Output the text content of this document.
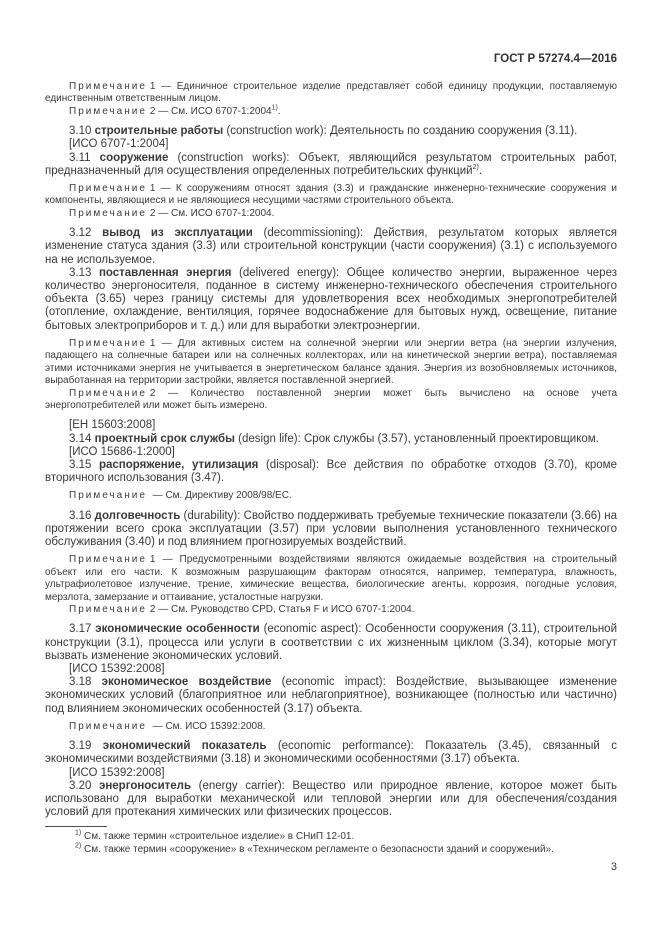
ГОСТ Р 57274.4—2016

Примечание 1 — Единичное строительное изделие представляет собой единицу продукции, поставляемую единственным ответственным лицом.

Примечание 2 — См. ИСО 6707-1:2004$^{1)}$.

3.10 строительные работы (construction work): Деятельность по созданию сооружения (3.11).

[ИСО 6707-1:2004]

3.11 сооружение (construction works): Объект, являющийся результатом строительных работ, предназначенный для осуществления определенных потребительских функций$^{2)}$.

Примечание 1 — К сооружениям относят здания (3.3) и гражданские инженерно-технические сооружения и компоненты, являющиеся и не являющиеся несущими частями строительного объекта.

Примечание 2 — См. ИСО 6707-1:2004.

3.12 вывод из эксплуатации (decommissioning): Действия, результатом которых является изменение статуса здания (3.3) или строительной конструкции (части сооружения) (3.1) с используемого на не используемое.

3.13 поставленная энергия (delivered energy): Общее количество энергии, выраженное через количество энергоносителя, поданное в систему инженерно-технического обеспечения строительного объекта (3.65) через границу системы для удовлетворения всех необходимых энергопотребителей (отопление, охлаждение, вентиляция, горячее водоснабжение для бытовых нужд, освещение, питание бытовых электроприборов и т. д.) или для выработки электроэнергии.

Примечание 1 — Для активных систем на солнечной энергии или энергии ветра (на энергии излучения, падающего на солнечные батареи или на солнечных коллекторах, или на кинетической энергии ветра), поставляемая этими источниками энергия не учитывается в энергетическом балансе здания. Энергия из возобновляемых источников, выработанная на территории застройки, является поставленной энергией.

Примечание 2 — Количество поставленной энергии может быть вычислено на основе учета энергопотребителей или может быть измерено.

[ЕН 15603:2008]

3.14 проектный срок службы (design life): Срок службы (3.57), установленный проектировщиком.

[ИСО 15686-1:2000]

3.15 распоряжение, утилизация (disposal): Все действия по обработке отходов (3.70), кроме вторичного использования (3.47).

Примечание — См. Директиву 2008/98/ЕС.

3.16 долговечность (durability): Свойство поддерживать требуемые технические показатели (3.66) на протяжении всего срока эксплуатации (3.57) при условии выполнения установленного технического обслуживания (3.40) и под влиянием прогнозируемых воздействий.

Примечание 1 — Предусмотренными воздействиями являются ожидаемые воздействия на строительный объект или его части. К возможным разрушающим факторам относятся, например, температура, влажность, ультрафиолетовое излучение, трение, химические вещества, биологические агенты, коррозия, погодные условия, мерзлота, замерзание и оттаивание, усталостные нагрузки.

Примечание 2 — См. Руководство CPD, Статья F и ИСО 6707-1:2004.

3.17 экономические особенности (economic aspect): Особенности сооружения (3.11), строительной конструкции (3.1), процесса или услуги в соответствии с их жизненным циклом (3.34), которые могут вызвать изменение экономических условий.

[ИСО 15392:2008]

3.18 экономическое воздействие (economic impact): Воздействие, вызывающее изменение экономических условий (благоприятное или неблагоприятное), возникающее (полностью или частично) под влиянием экономических особенностей (3.17) объекта.

Примечание — См. ИСО 15392:2008.

3.19 экономический показатель (economic performance): Показатель (3.45), связанный с экономическими воздействиями (3.18) и экономическими особенностями (3.17) объекта.

[ИСО 15392:2008]

3.20 энергоноситель (energy carrier): Вещество или природное явление, которое может быть использовано для выработки механической или тепловой энергии или для обеспечения/создания условий для протекания химических или физических процессов.

$^{1)}$ См. также термин «строительное изделие» в СНиП 12-01.

$^{2)}$ См. также термин «сооружение» в «Техническом регламенте о безопасности зданий и сооружений».

3
